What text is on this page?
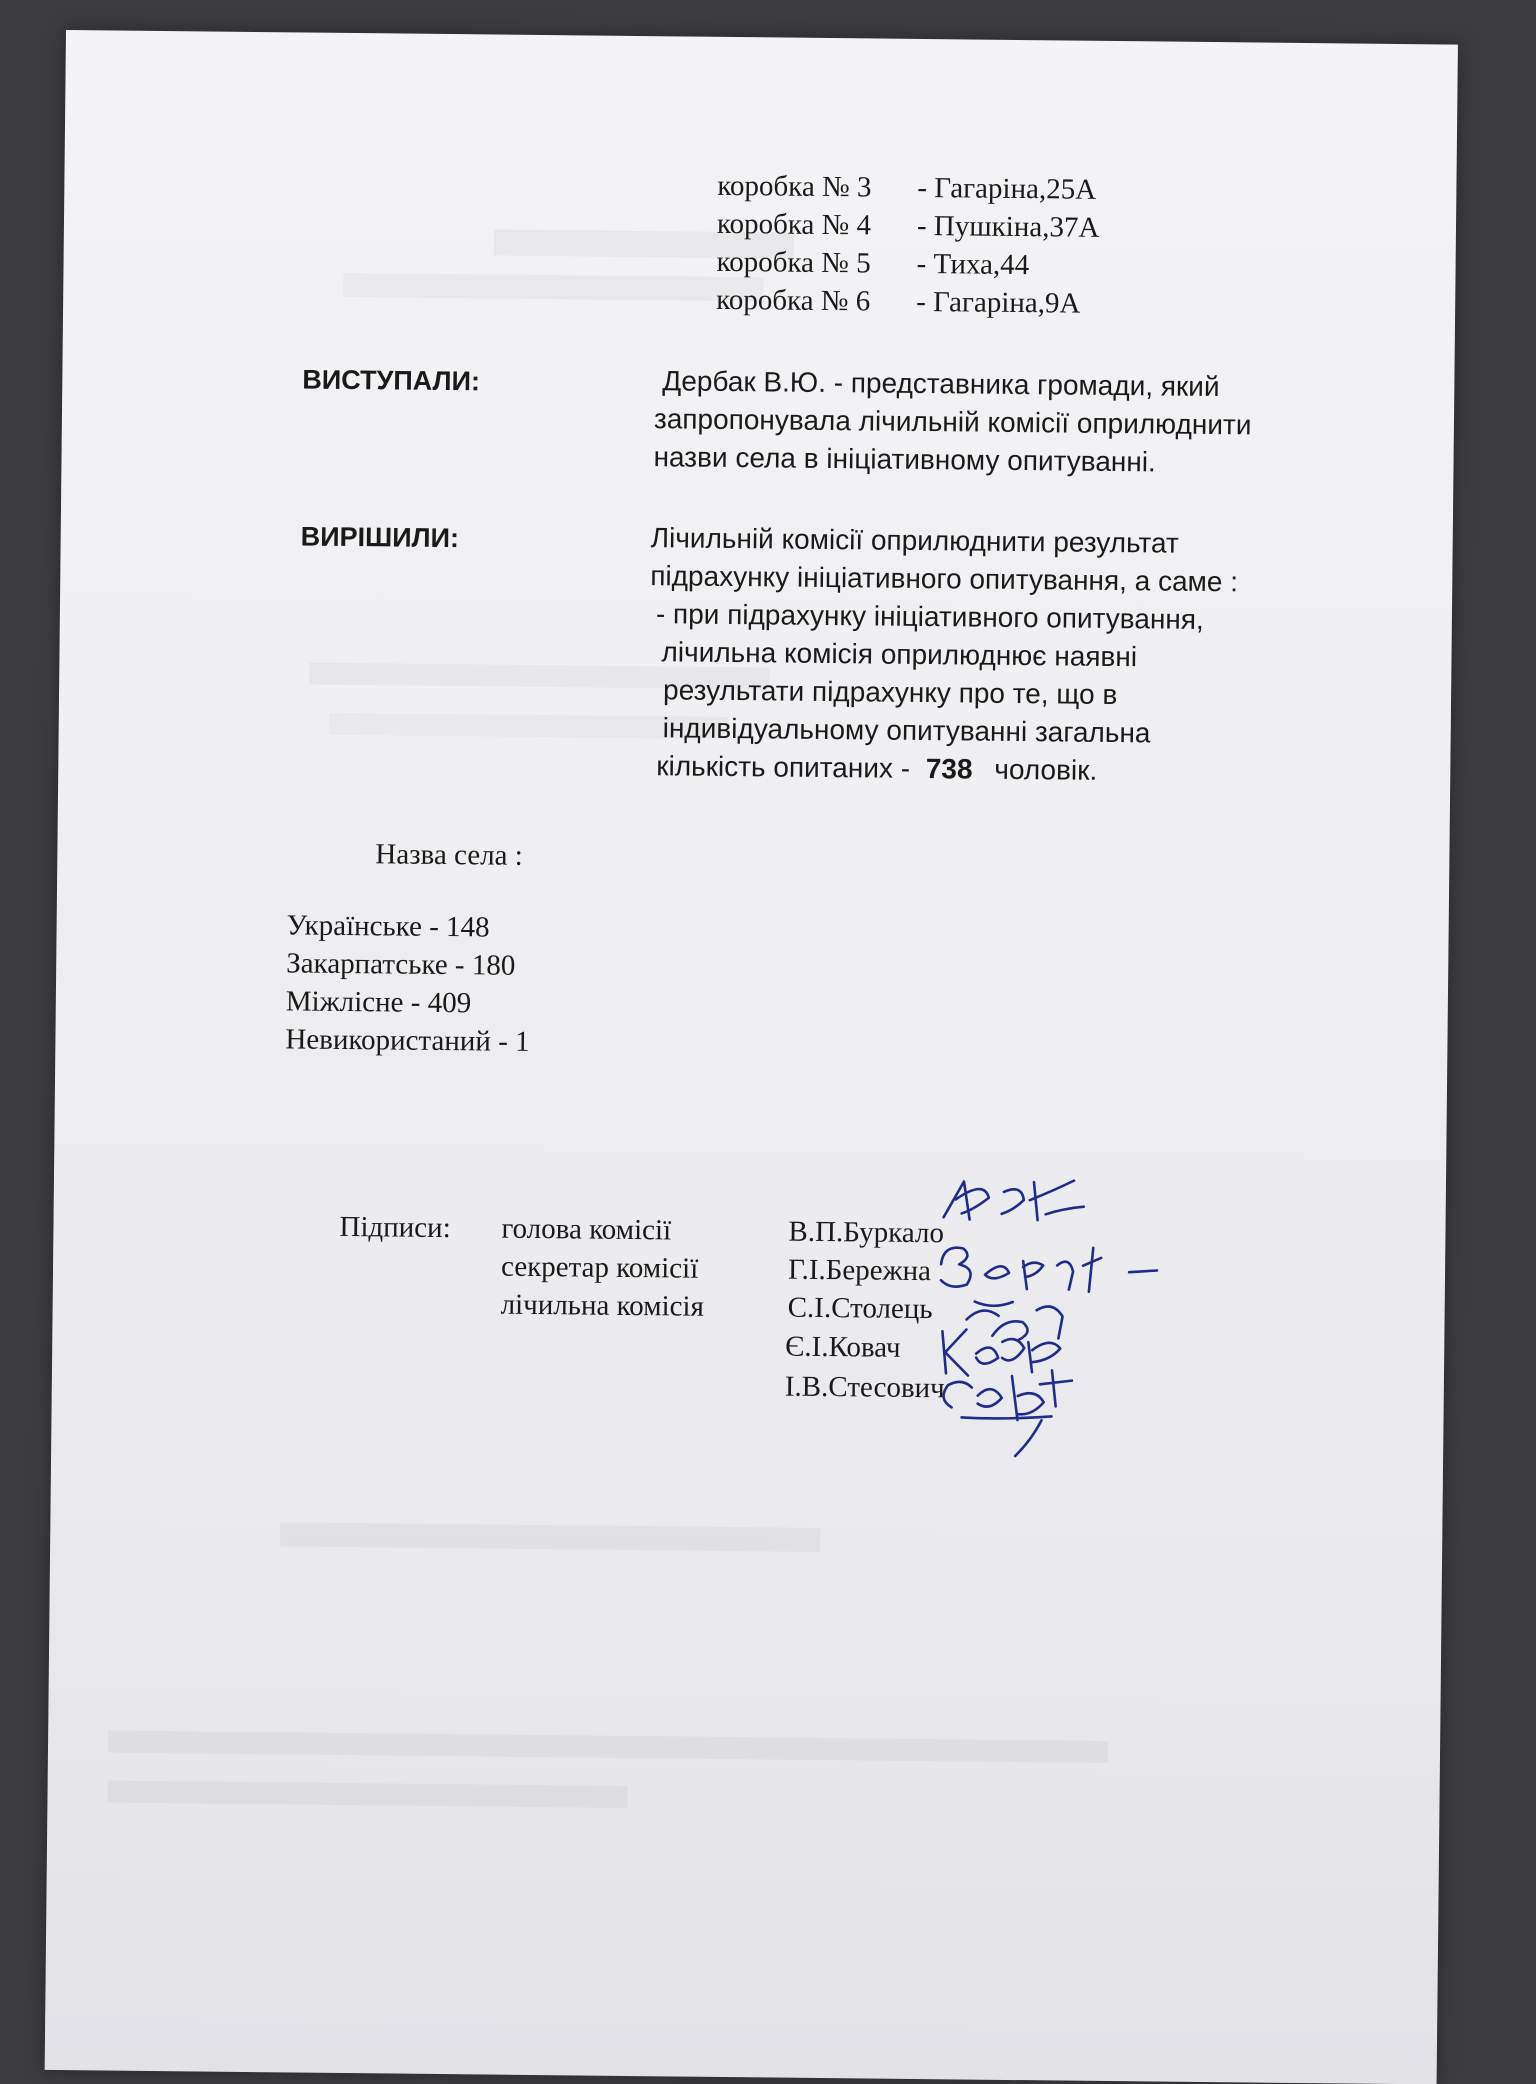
коробка № 3 - Гагаріна,25А
коробка № 4 - Пушкіна,37А
коробка № 5 - Тиха,44
коробка № 6 - Гагаріна,9А
ВИСТУПАЛИ:	Дербак В.Ю. - представника громади, який
запропонувала лічильній комісії оприлюднити
назви села в ініціативному опитуванні.
ВИРІШИЛИ:	Лічильній комісії оприлюднити результат
підрахунку ініціативного опитування, а саме :
- при підрахунку ініціативного опитування,
лічильна комісія оприлюднює наявні
результати підрахунку про те, що в
індивідуальному опитуванні загальна
кількість опитаних - 738 чоловік.
Назва села :
Українське - 148
Закарпатське - 180
Міжлісне - 409
Невикористаний - 1
Підписи: голова комісії
секретар комісії
лічильна комісія
В.П.Буркало
Г.І.Бережна
С.І.Столець
Є.І.Ковач
І.В.Стесович
